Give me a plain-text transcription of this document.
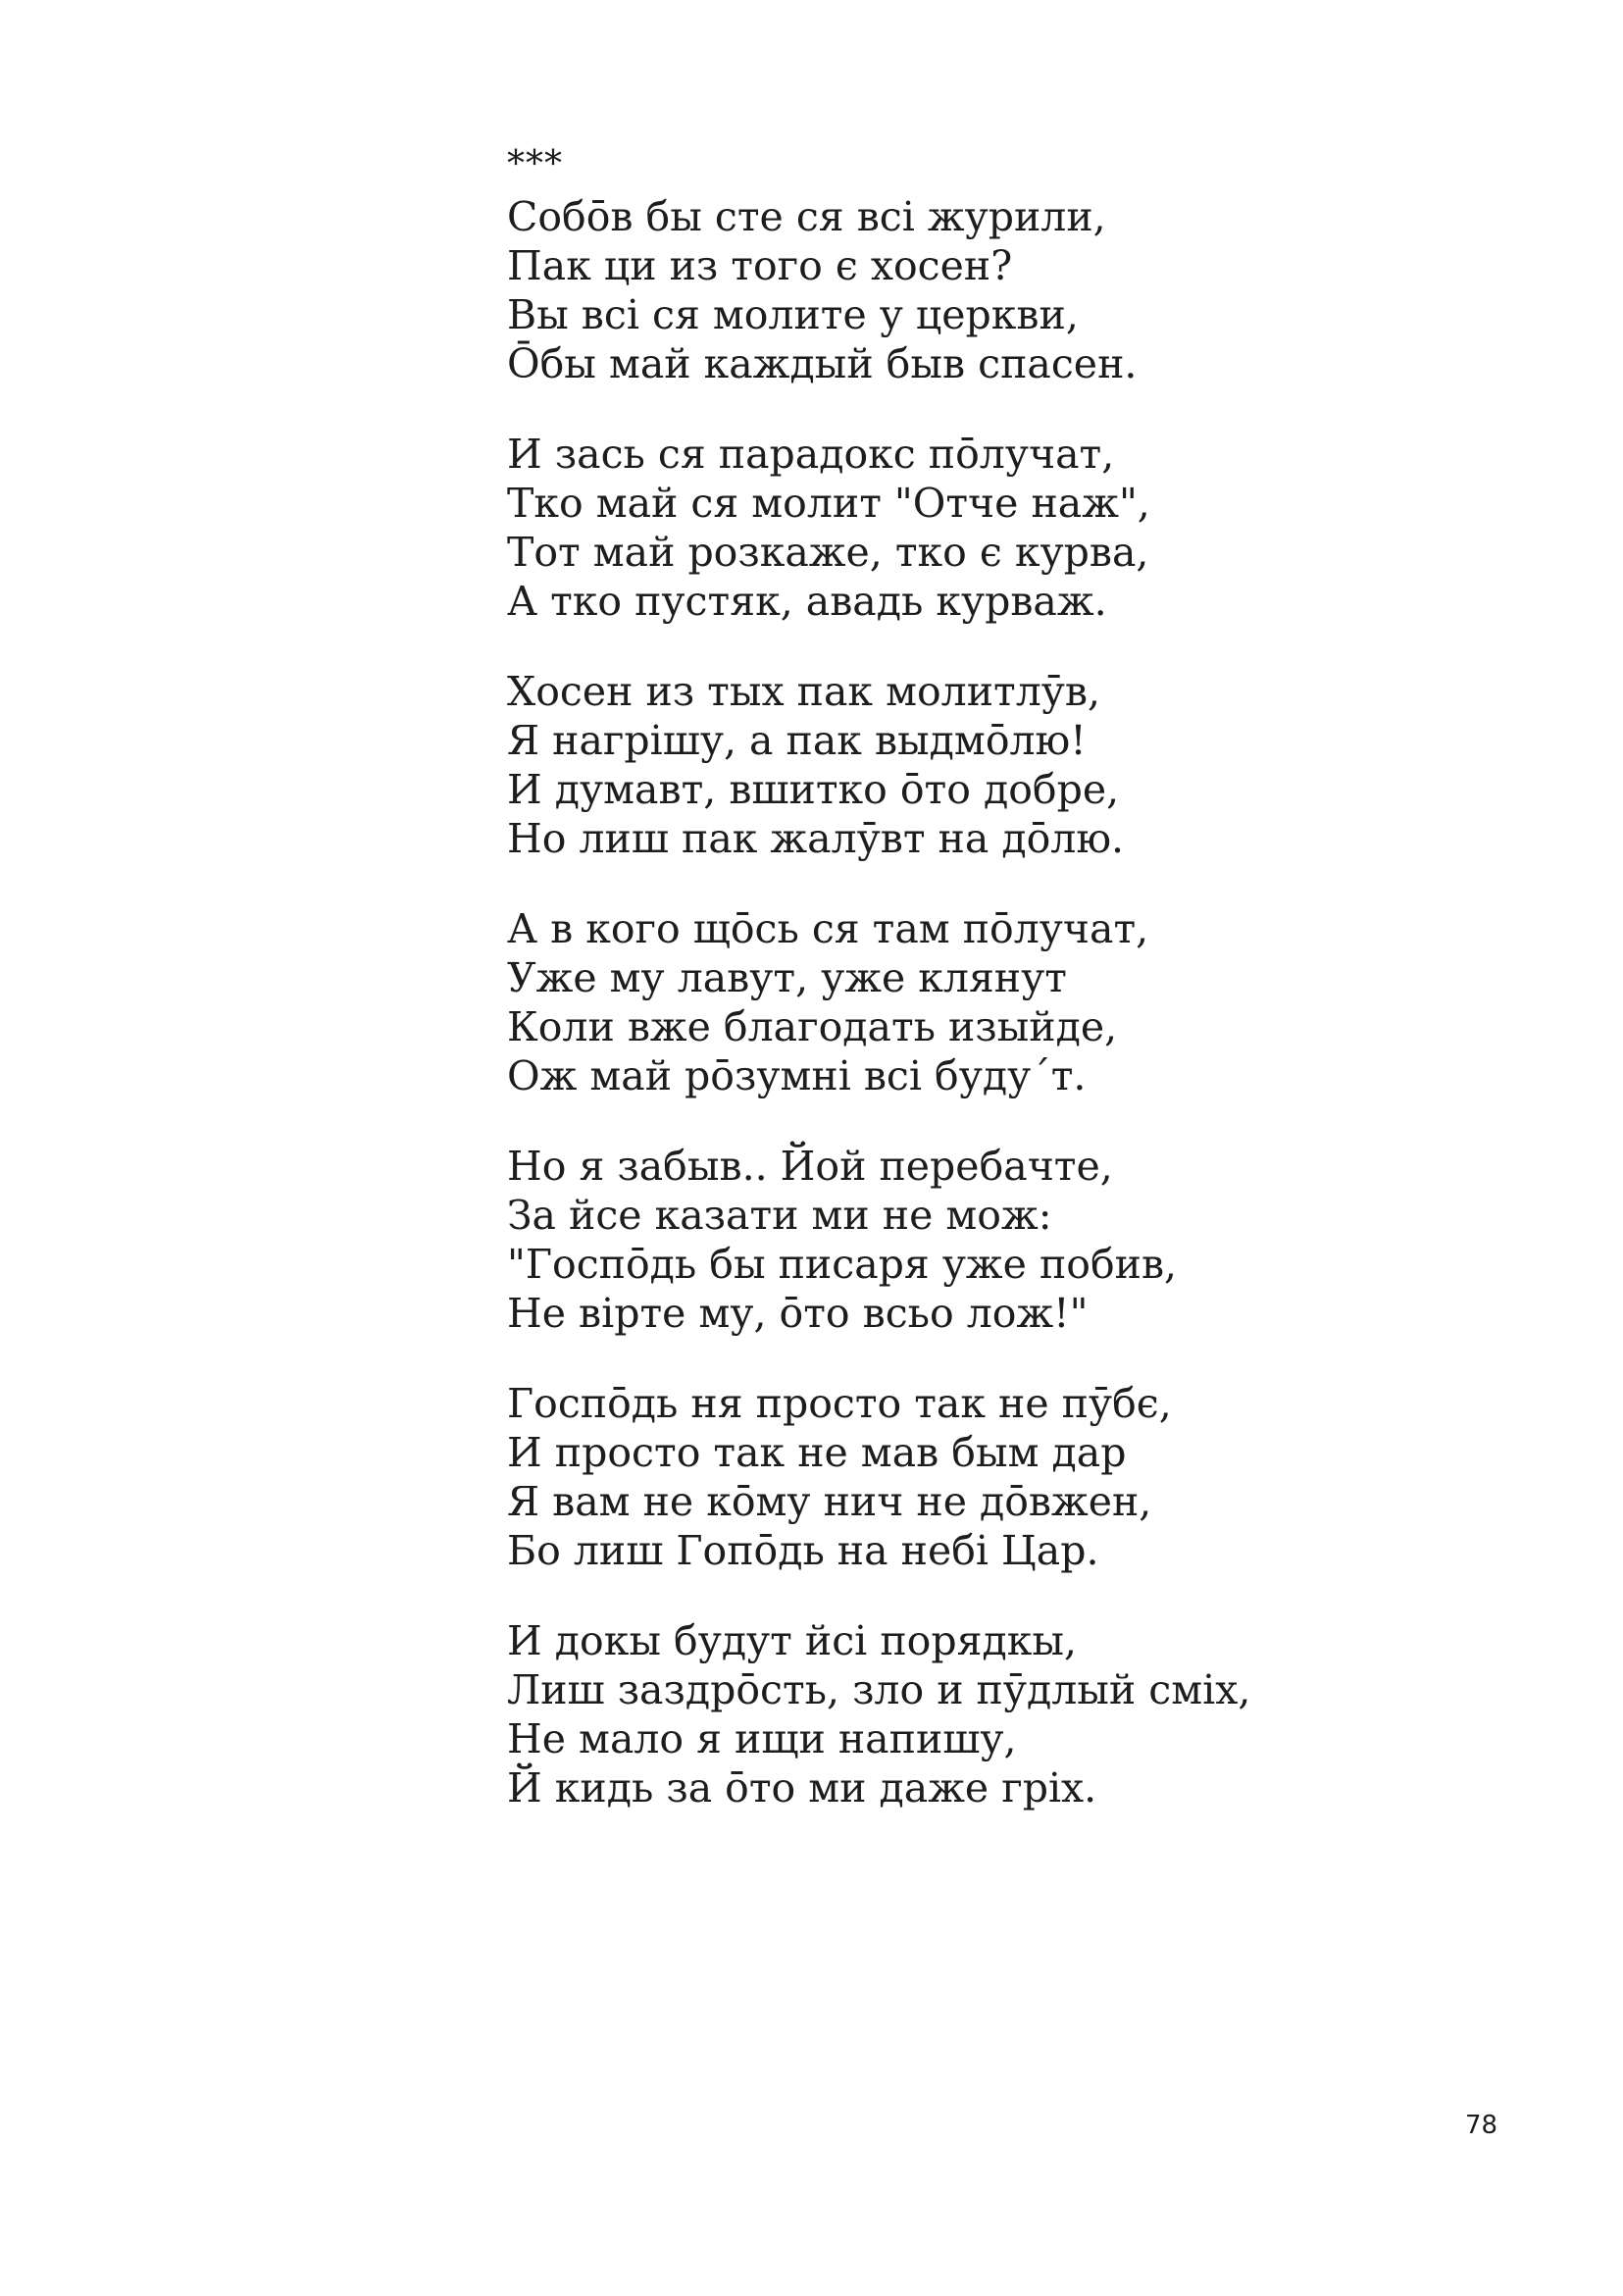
***
Собōв бы сте ся всі журили,
Пак ци из того є хосен?
Вы всі ся молите у церкви,
Ōбы май каждый быв спасен.
И зась ся парадокс пōлучат,
Тко май ся молит "Отче наж",
Тот май розкаже, тко є курва,
А тко пустяк, авадь курваж.
Хосен из тых пак молитлӯв,
Я нагрішу, а пак выдмōлю!
И думавт, вшитко ōто добре,
Но лиш пак жалӯвт на дōлю.
А в кого щōсь ся там пōлучат,
Уже му лавут, уже клянут
Коли вже благодать изыйде,
Ож май рōзумні всі буду´т.
Но я забыв.. Йой перебачте,
За йсе казати ми не мож:
"Госпōдь бы писаря уже побив,
Не вірте му, ōто всьо лож!"
Госпōдь ня просто так не пӯбє,
И просто так не мав бым дар
Я вам не кōму нич не дōвжен,
Бо лиш Гопōдь на небі Цар.
И докы будут йсі порядкы,
Лиш заздрōсть, зло и пӯдлый сміх,
Не мало я ищи напишу,
Й кидь за ōто ми даже гріх.
78
